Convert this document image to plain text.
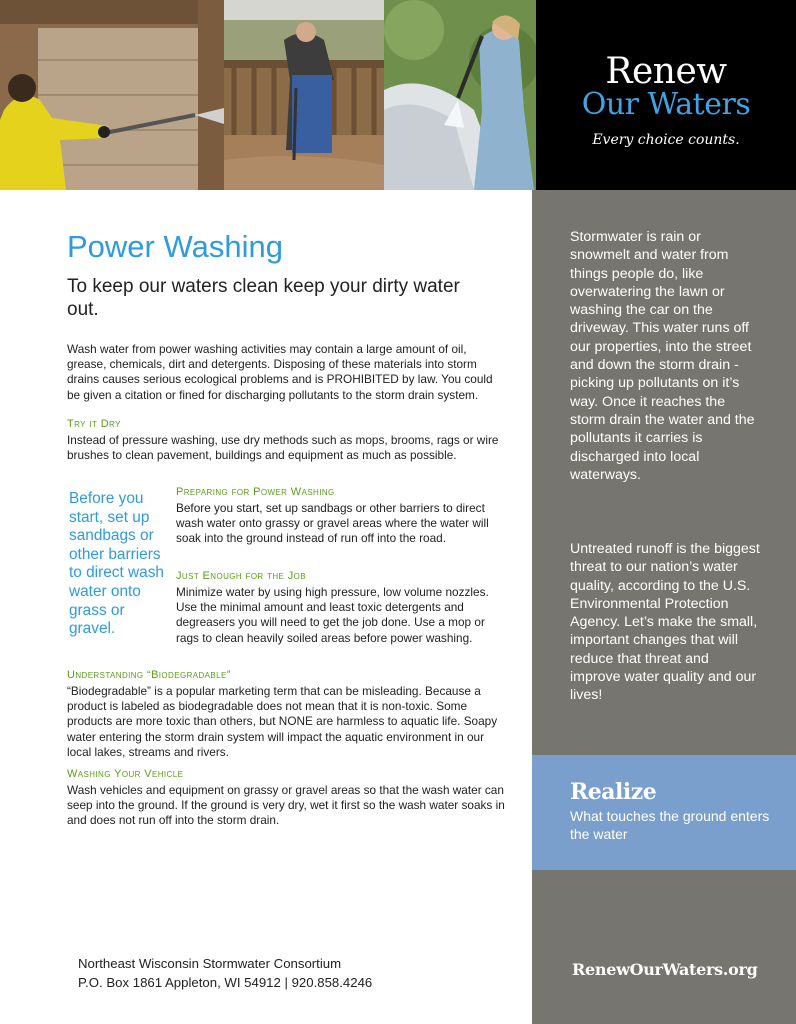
Renew
Our Waters
Every choice counts.
Power Washing
To keep our waters clean keep your dirty water out.
Wash water from power washing activities may contain a large amount of oil, grease, chemicals, dirt and detergents. Disposing of these materials into storm drains causes serious ecological problems and is PROHIBITED by law. You could be given a citation or fined for discharging pollutants to the storm drain system.
Try it Dry
Instead of pressure washing, use dry methods such as mops, brooms, rags or wire brushes to clean pavement, buildings and equipment as much as possible.
Before you start, set up sandbags or other barriers to direct wash water onto grass or gravel.
Preparing for Power Washing
Before you start, set up sandbags or other barriers to direct wash water onto grassy or gravel areas where the water will soak into the ground instead of run off into the road.
Just Enough for the Job
Minimize water by using high pressure, low volume nozzles. Use the minimal amount and least toxic detergents and degreasers you will need to get the job done. Use a mop or rags to clean heavily soiled areas before power washing.
Understanding “Biodegradable”
“Biodegradable” is a popular marketing term that can be misleading. Because a product is labeled as biodegradable does not mean that it is non-toxic. Some products are more toxic than others, but NONE are harmless to aquatic life. Soapy water entering the storm drain system will impact the aquatic environment in our local lakes, streams and rivers.
Washing Your Vehicle
Wash vehicles and equipment on grassy or gravel areas so that the wash water can seep into the ground. If the ground is very dry, wet it first so the wash water soaks in and does not run off into the storm drain.
Stormwater is rain or snowmelt and water from things people do, like overwatering the lawn or washing the car on the driveway. This water runs off our properties, into the street and down the storm drain - picking up pollutants on it’s way. Once it reaches the storm drain the water and the pollutants it carries is discharged into local waterways.
Untreated runoff is the biggest threat to our nation’s water quality, according to the U.S. Environmental Protection Agency. Let’s make the small, important changes that will reduce that threat and improve water quality and our lives!
Realize
What touches the ground enters the water
RenewOurWaters.org
Northeast Wisconsin Stormwater Consortium
P.O. Box 1861 Appleton, WI 54912 | 920.858.4246
